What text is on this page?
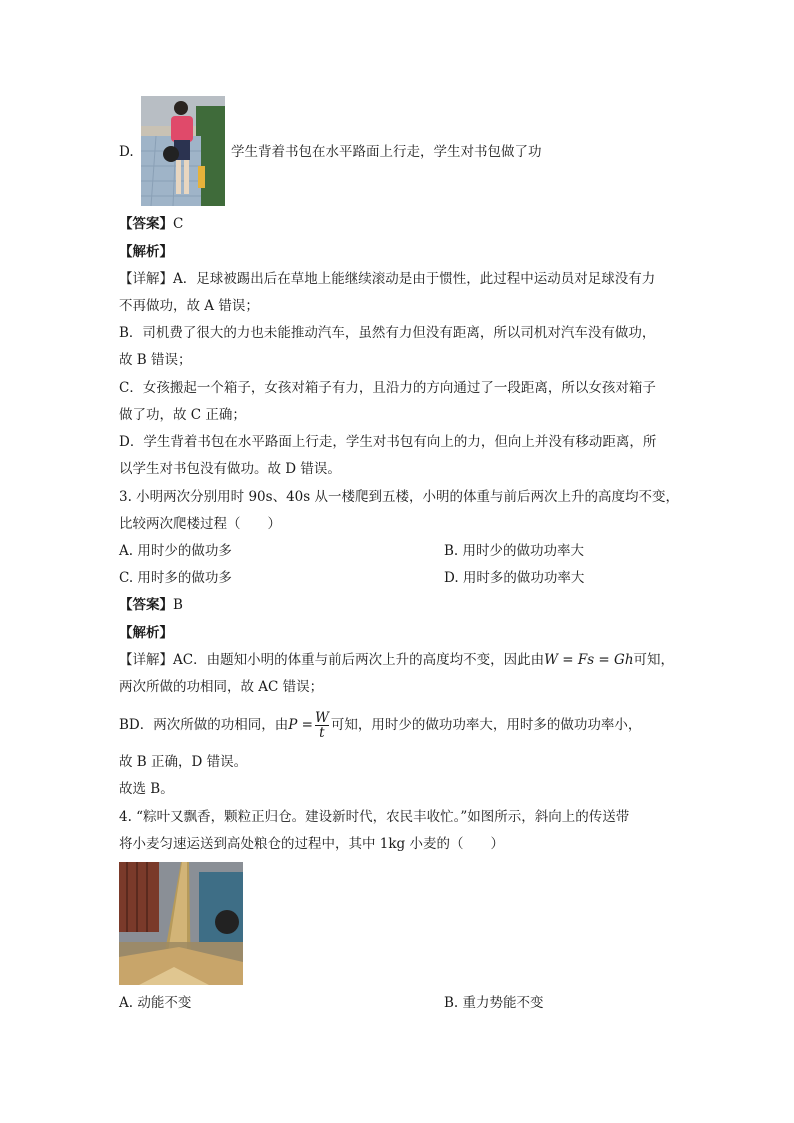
D.	学生背着书包在水平路面上行走，学生对书包做了功
【答案】C
【解析】
【详解】A．足球被踢出后在草地上能继续滚动是由于惯性，此过程中运动员对足球没有力
不再做功，故 A 错误；
B．司机费了很大的力也未能推动汽车，虽然有力但没有距离，所以司机对汽车没有做功，
故 B 错误；
C．女孩搬起一个箱子，女孩对箱子有力，且沿力的方向通过了一段距离，所以女孩对箱子
做了功，故 C 正确；
D．学生背着书包在水平路面上行走，学生对书包有向上的力，但向上并没有移动距离，所
以学生对书包没有做功。故 D 错误。
3. 小明两次分别用时 90s、40s 从一楼爬到五楼，小明的体重与前后两次上升的高度均不变，
比较两次爬楼过程（　　）
A. 用时少的做功多	B. 用时少的做功功率大
C. 用时多的做功多	D. 用时多的做功功率大
【答案】B
【解析】
【详解】AC．由题知小明的体重与前后两次上升的高度均不变，因此由W = Fs = Gh可知，
两次所做的功相同，故 AC 错误；
BD．两次所做的功相同，由$P = \frac{W}{t}$ 可知，用时少的做功功率大，用时多的做功功率小，
故 B 正确，D 错误。
故选 B。
4. “粽叶又飘香，颗粒正归仓。建设新时代，农民丰收忙。”如图所示，斜向上的传送带
将小麦匀速运送到高处粮仓的过程中，其中 1kg 小麦的（　　）
A. 动能不变	B. 重力势能不变
